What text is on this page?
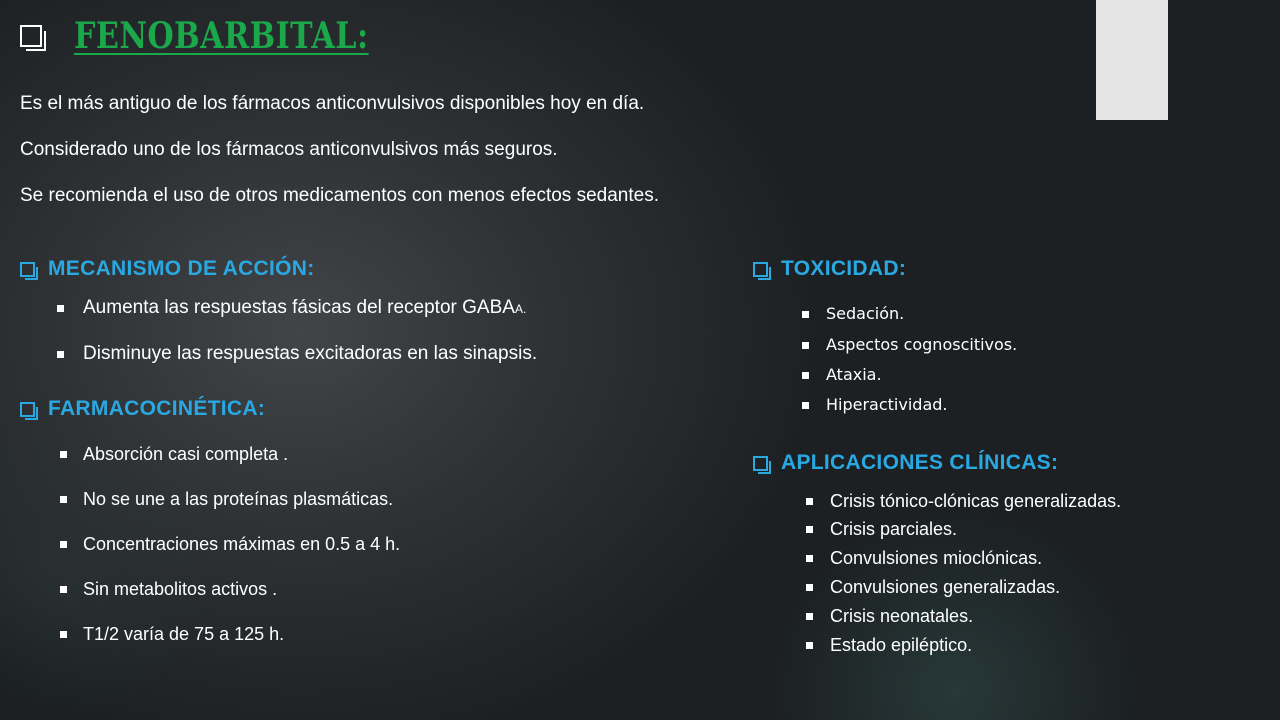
FENOBARBITAL:
Es el más antiguo de los fármacos anticonvulsivos disponibles hoy en día.
Considerado uno de los fármacos anticonvulsivos más seguros.
Se recomienda el uso de otros medicamentos con menos efectos sedantes.
MECANISMO DE ACCIÓN:
Aumenta las respuestas fásicas del receptor GABAA.
Disminuye las respuestas excitadoras en las sinapsis.
FARMACOCINÉTICA:
Absorción casi completa .
No se une a las proteínas plasmáticas.
Concentraciones máximas en 0.5 a 4 h.
Sin metabolitos activos .
T1/2 varía de 75 a 125 h.
TOXICIDAD:
Sedación.
Aspectos cognoscitivos.
Ataxia.
Hiperactividad.
APLICACIONES CLÍNICAS:
Crisis tónico-clónicas generalizadas.
Crisis parciales.
Convulsiones mioclónicas.
Convulsiones generalizadas.
Crisis neonatales.
Estado epiléptico.
